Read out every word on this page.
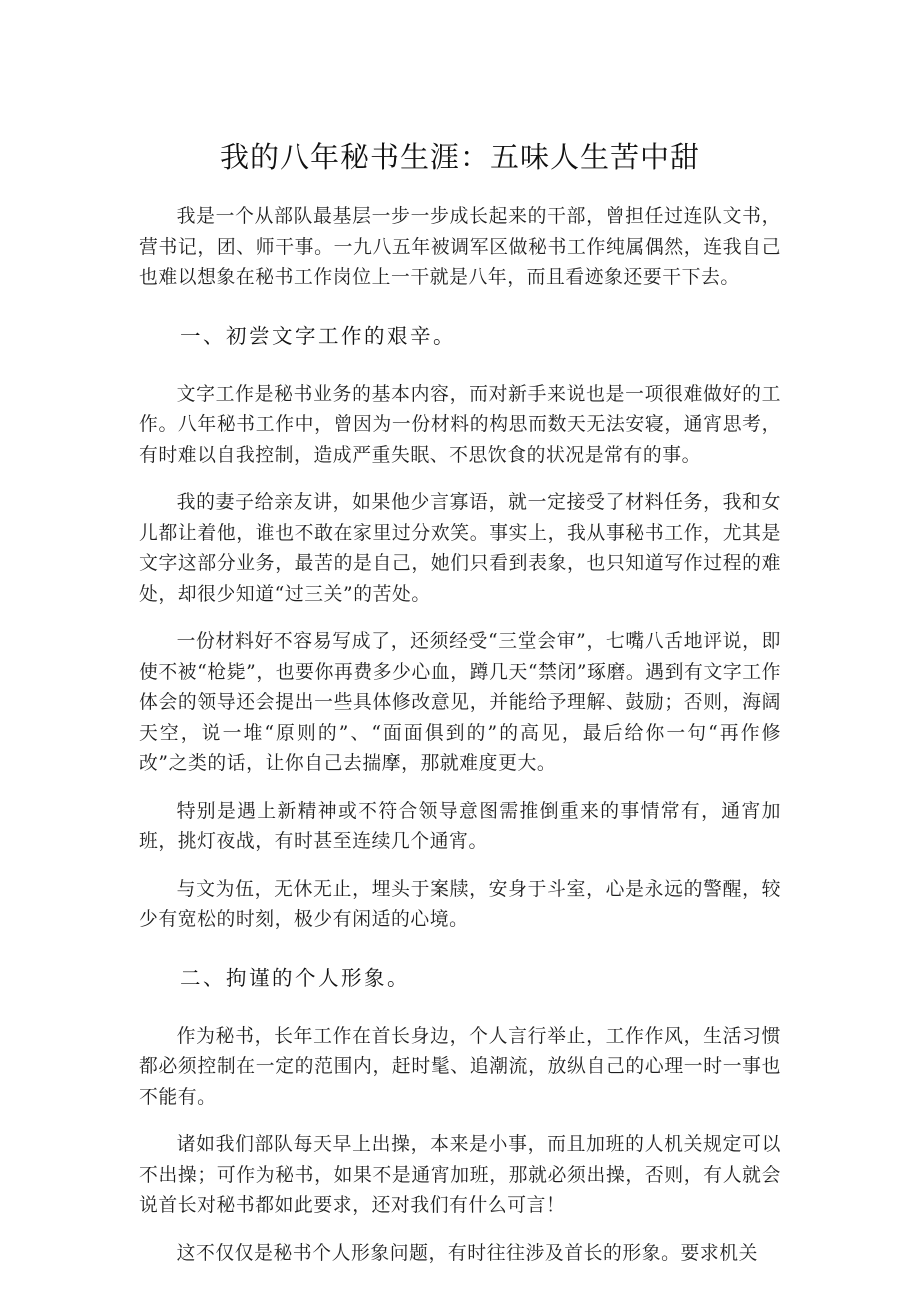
我的八年秘书生涯：五味人生苦中甜

我是一个从部队最基层一步一步成长起来的干部，曾担任过连队文书，营书记，团、师干事。一九八五年被调军区做秘书工作纯属偶然，连我自己也难以想象在秘书工作岗位上一干就是八年，而且看迹象还要干下去。

一、初尝文字工作的艰辛。

文字工作是秘书业务的基本内容，而对新手来说也是一项很难做好的工作。八年秘书工作中，曾因为一份材料的构思而数天无法安寝，通宵思考，有时难以自我控制，造成严重失眠、不思饮食的状况是常有的事。

我的妻子给亲友讲，如果他少言寡语，就一定接受了材料任务，我和女儿都让着他，谁也不敢在家里过分欢笑。事实上，我从事秘书工作，尤其是文字这部分业务，最苦的是自己，她们只看到表象，也只知道写作过程的难处，却很少知道“过三关”的苦处。

一份材料好不容易写成了，还须经受“三堂会审”，七嘴八舌地评说，即使不被“枪毙”，也要你再费多少心血，蹲几天“禁闭”琢磨。遇到有文字工作体会的领导还会提出一些具体修改意见，并能给予理解、鼓励；否则，海阔天空，说一堆“原则的”、“面面俱到的”的高见，最后给你一句“再作修改”之类的话，让你自己去揣摩，那就难度更大。

特别是遇上新精神或不符合领导意图需推倒重来的事情常有，通宵加班，挑灯夜战，有时甚至连续几个通宵。

与文为伍，无休无止，埋头于案牍，安身于斗室，心是永远的警醒，较少有宽松的时刻，极少有闲适的心境。

二、拘谨的个人形象。

作为秘书，长年工作在首长身边，个人言行举止，工作作风，生活习惯都必须控制在一定的范围内，赶时髦、追潮流，放纵自己的心理一时一事也不能有。

诸如我们部队每天早上出操，本来是小事，而且加班的人机关规定可以不出操；可作为秘书，如果不是通宵加班，那就必须出操，否则，有人就会说首长对秘书都如此要求，还对我们有什么可言！

这不仅仅是秘书个人形象问题，有时往往涉及首长的形象。要求机关
